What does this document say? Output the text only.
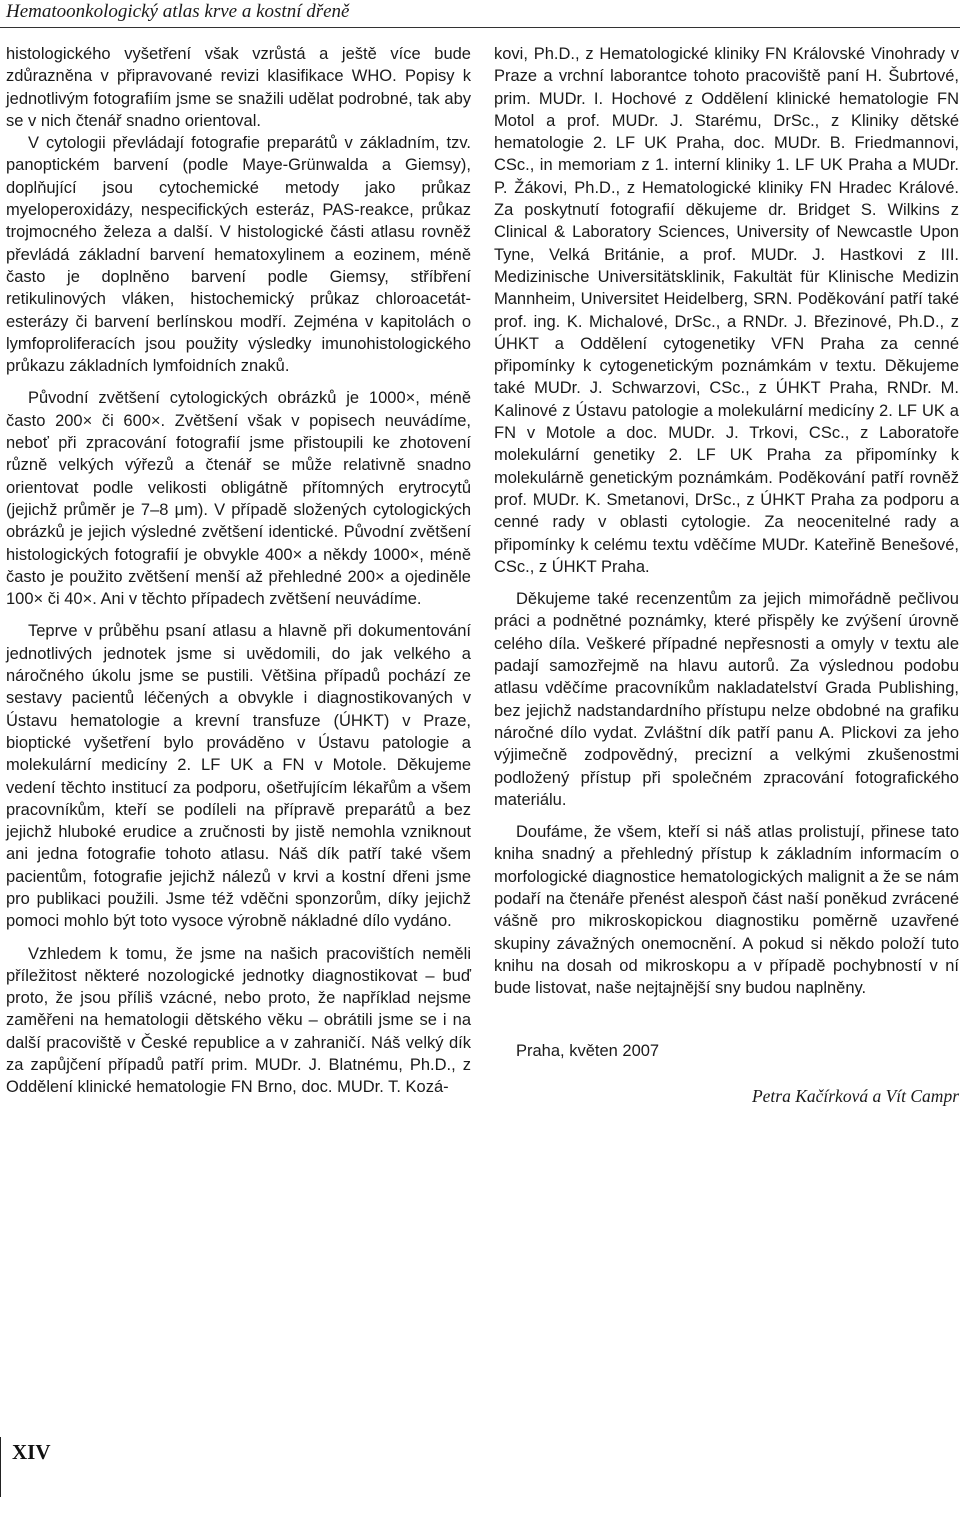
Hematoonkologický atlas krve a kostní dřeně

histologického vyšetření však vzrůstá a ještě více bude zdůrazněna v připravované revizi klasifikace WHO. Popisy k jednotlivým fotografiím jsme se snažili udělat podrobné, tak aby se v nich čtenář snadno orientoval.

V cytologii převládají fotografie preparátů v základním, tzv. panoptickém barvení (podle Maye-Grünwalda a Giemsy), doplňující jsou cytochemické metody jako průkaz myeloperoxidázy, nespecifických esteráz, PAS-reakce, průkaz trojmocného železa a další. V histologické části atlasu rovněž převládá základní barvení hematoxylinem a eozinem, méně často je doplněno barvení podle Giemsy, stříbření retikulinových vláken, histochemický průkaz chloroacetát-esterázy či barvení berlínskou modří. Zejména v kapitolách o lymfoproliferacích jsou použity výsledky imunohistologického průkazu základních lymfoidních znaků.

Původní zvětšení cytologických obrázků je 1000×, méně často 200× či 600×. Zvětšení však v popisech neuvádíme, neboť při zpracování fotografií jsme přistoupili ke zhotovení různě velkých výřezů a čtenář se může relativně snadno orientovat podle velikosti obligátně přítomných erytrocytů (jejichž průměr je 7–8 μm). V případě složených cytologických obrázků je jejich výsledné zvětšení identické. Původní zvětšení histologických fotografií je obvykle 400× a někdy 1000×, méně často je použito zvětšení menší až přehledné 200× a ojediněle 100× či 40×. Ani v těchto případech zvětšení neuvádíme.

Teprve v průběhu psaní atlasu a hlavně při dokumentování jednotlivých jednotek jsme si uvědomili, do jak velkého a náročného úkolu jsme se pustili. Většina případů pochází ze sestavy pacientů léčených a obvykle i diagnostikovaných v Ústavu hematologie a krevní transfuze (ÚHKT) v Praze, bioptické vyšetření bylo prováděno v Ústavu patologie a molekulární medicíny 2. LF UK a FN v Motole. Děkujeme vedení těchto institucí za podporu, ošetřujícím lékařům a všem pracovníkům, kteří se podíleli na přípravě preparátů a bez jejichž hluboké erudice a zručnosti by jistě nemohla vzniknout ani jedna fotografie tohoto atlasu. Náš dík patří také všem pacientům, fotografie jejichž nálezů v krvi a kostní dřeni jsme pro publikaci použili. Jsme též vděčni sponzorům, díky jejichž pomoci mohlo být toto vysoce výrobně nákladné dílo vydáno.

Vzhledem k tomu, že jsme na našich pracovištích neměli příležitost některé nozologické jednotky diagnostikovat – buď proto, že jsou příliš vzácné, nebo proto, že například nejsme zaměřeni na hematologii dětského věku – obrátili jsme se i na další pracoviště v České republice a v zahraničí. Náš velký dík za zapůjčení případů patří prim. MUDr. J. Blatnému, Ph.D., z Oddělení klinické hematologie FN Brno, doc. MUDr. T. Kozá-

kovi, Ph.D., z Hematologické kliniky FN Královské Vinohrady v Praze a vrchní laborantce tohoto pracoviště paní H. Šubrtové, prim. MUDr. I. Hochové z Oddělení klinické hematologie FN Motol a prof. MUDr. J. Starému, DrSc., z Kliniky dětské hematologie 2. LF UK Praha, doc. MUDr. B. Friedmannovi, CSc., in memoriam z 1. interní kliniky 1. LF UK Praha a MUDr. P. Žákovi, Ph.D., z Hematologické kliniky FN Hradec Králové. Za poskytnutí fotografií děkujeme dr. Bridget S. Wilkins z Clinical & Laboratory Sciences, University of Newcastle Upon Tyne, Velká Británie, a prof. MUDr. J. Hastkovi z III. Medizinische Universitätsklinik, Fakultät für Klinische Medizin Mannheim, Universitet Heidelberg, SRN. Poděkování patří také prof. ing. K. Michalové, DrSc., a RNDr. J. Březinové, Ph.D., z ÚHKT a Oddělení cytogenetiky VFN Praha za cenné připomínky k cytogenetickým poznámkám v textu. Děkujeme také MUDr. J. Schwarzovi, CSc., z ÚHKT Praha, RNDr. M. Kalinové z Ústavu patologie a molekulární medicíny 2. LF UK a FN v Motole a doc. MUDr. J. Trkovi, CSc., z Laboratoře molekulární genetiky 2. LF UK Praha za připomínky k molekulárně genetickým poznámkám. Poděkování patří rovněž prof. MUDr. K. Smetanovi, DrSc., z ÚHKT Praha za podporu a cenné rady v oblasti cytologie. Za neocenitelné rady a připomínky k celému textu vděčíme MUDr. Kateřině Benešové, CSc., z ÚHKT Praha.

Děkujeme také recenzentům za jejich mimořádně pečlivou práci a podnětné poznámky, které přispěly ke zvýšení úrovně celého díla. Veškeré případné nepřesnosti a omyly v textu ale padají samozřejmě na hlavu autorů. Za výslednou podobu atlasu vděčíme pracovníkům nakladatelství Grada Publishing, bez jejichž nadstandardního přístupu nelze obdobné na grafiku náročné dílo vydat. Zvláštní dík patří panu A. Plickovi za jeho výjimečně zodpovědný, precizní a velkými zkušenostmi podložený přístup při společném zpracování fotografického materiálu.

Doufáme, že všem, kteří si náš atlas prolistují, přinese tato kniha snadný a přehledný přístup k základním informacím o morfologické diagnostice hematologických malignit a že se nám podaří na čtenáře přenést alespoň část naší poněkud zvrácené vášně pro mikroskopickou diagnostiku poměrně uzavřené skupiny závažných onemocnění. A pokud si někdo položí tuto knihu na dosah od mikroskopu a v případě pochybností v ní bude listovat, naše nejtajnější sny budou naplněny.

Praha, květen 2007

Petra Kačírková a Vít Campr

XIV
